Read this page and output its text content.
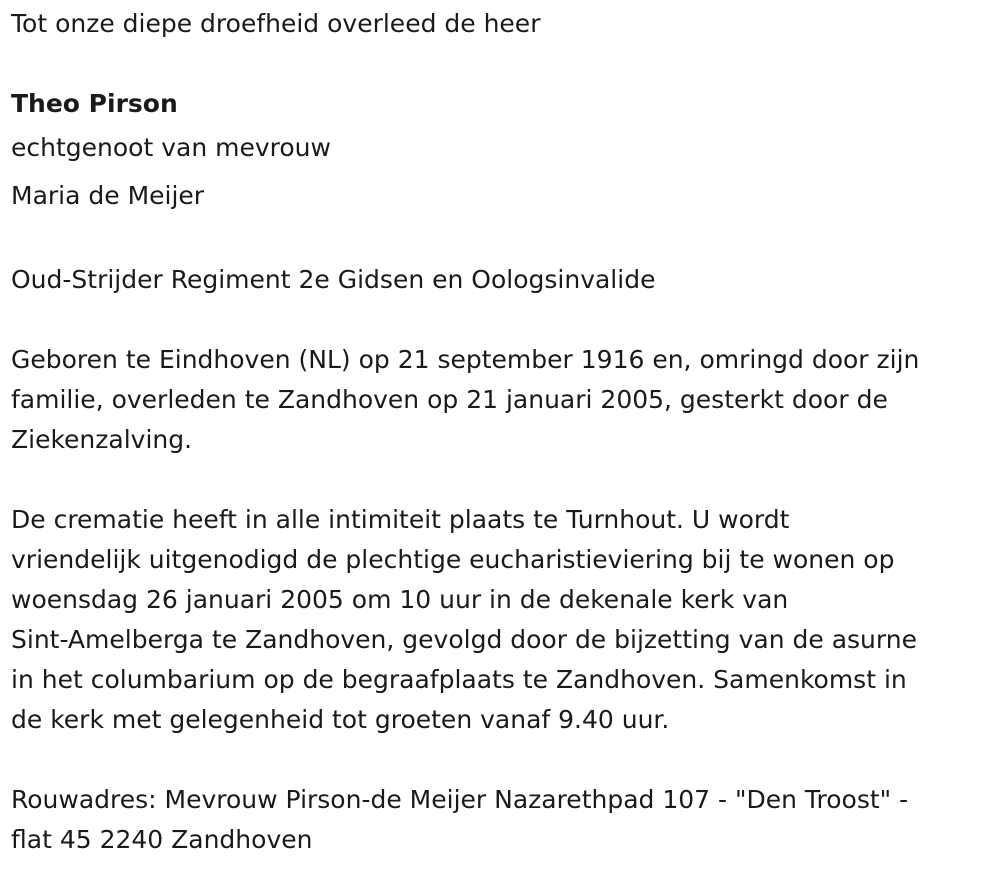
Tot onze diepe droefheid overleed de heer

Theo Pirson

echtgenoot van mevrouw

Maria de Meijer

Oud-Strijder Regiment 2e Gidsen en Oologsinvalide

Geboren te Eindhoven (NL) op 21 september 1916 en, omringd door zijn
familie, overleden te Zandhoven op 21 januari 2005, gesterkt door de
Ziekenzalving.

De crematie heeft in alle intimiteit plaats te Turnhout. U wordt
vriendelijk uitgenodigd de plechtige eucharistieviering bij te wonen op
woensdag 26 januari 2005 om 10 uur in de dekenale kerk van
Sint-Amelberga te Zandhoven, gevolgd door de bijzetting van de asurne
in het columbarium op de begraafplaats te Zandhoven. Samenkomst in
de kerk met gelegenheid tot groeten vanaf 9.40 uur.

Rouwadres: Mevrouw Pirson-de Meijer Nazarethpad 107 - "Den Troost" -
flat 45 2240 Zandhoven
